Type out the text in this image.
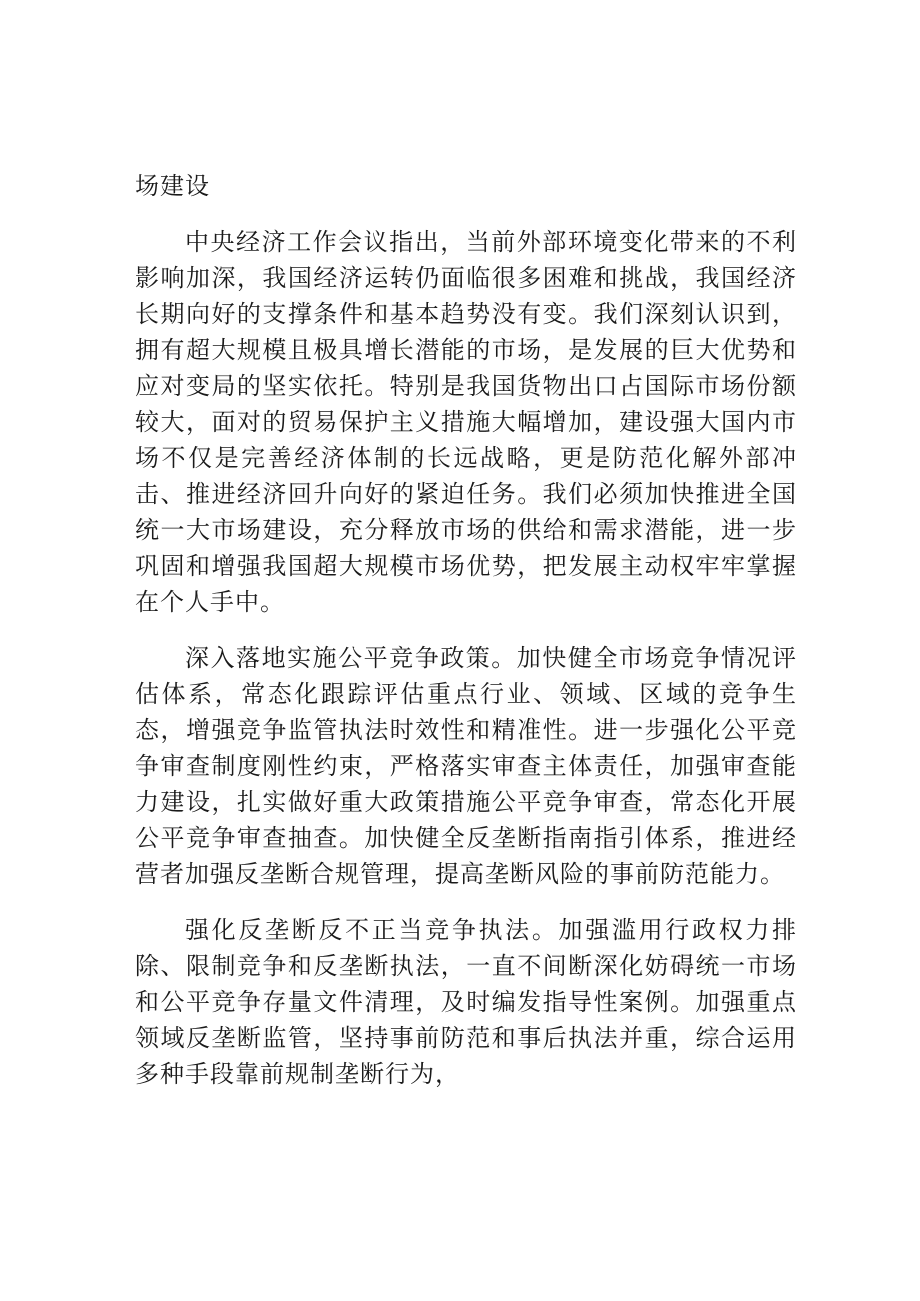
场建设

中央经济工作会议指出，当前外部环境变化带来的不利影响加深，我国经济运转仍面临很多困难和挑战，我国经济长期向好的支撑条件和基本趋势没有变。我们深刻认识到，拥有超大规模且极具增长潜能的市场，是发展的巨大优势和应对变局的坚实依托。特别是我国货物出口占国际市场份额较大，面对的贸易保护主义措施大幅增加，建设强大国内市场不仅是完善经济体制的长远战略，更是防范化解外部冲击、推进经济回升向好的紧迫任务。我们必须加快推进全国统一大市场建设，充分释放市场的供给和需求潜能，进一步巩固和增强我国超大规模市场优势，把发展主动权牢牢掌握在个人手中。

深入落地实施公平竞争政策。加快健全市场竞争情况评估体系，常态化跟踪评估重点行业、领域、区域的竞争生态，增强竞争监管执法时效性和精准性。进一步强化公平竞争审查制度刚性约束，严格落实审查主体责任，加强审查能力建设，扎实做好重大政策措施公平竞争审查，常态化开展公平竞争审查抽查。加快健全反垄断指南指引体系，推进经营者加强反垄断合规管理，提高垄断风险的事前防范能力。

强化反垄断反不正当竞争执法。加强滥用行政权力排除、限制竞争和反垄断执法，一直不间断深化妨碍统一市场和公平竞争存量文件清理，及时编发指导性案例。加强重点领域反垄断监管，坚持事前防范和事后执法并重，综合运用多种手段靠前规制垄断行为，
